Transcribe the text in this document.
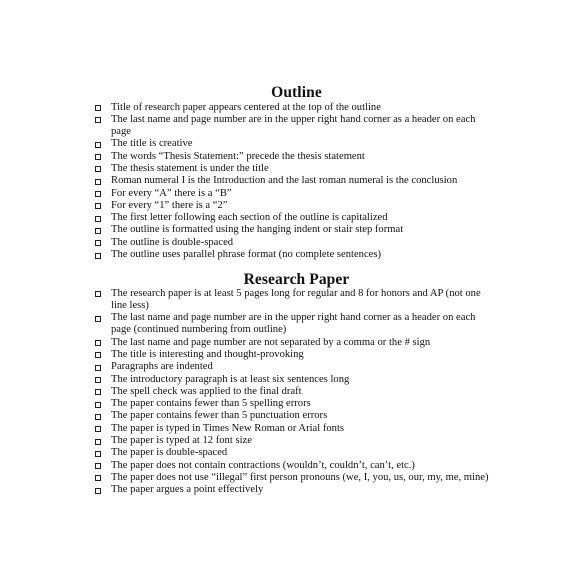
Outline
Title of research paper appears centered at the top of the outline
The last name and page number are in the upper right hand corner as a header on each page
The title is creative
The words “Thesis Statement:” precede the thesis statement
The thesis statement is under the title
Roman numeral I is the Introduction and the last roman numeral is the conclusion
For every “A” there is a “B”
For every “1” there is a “2”
The first letter following each section of the outline is capitalized
The outline is formatted using the hanging indent or stair step format
The outline is double-spaced
The outline uses parallel phrase format (no complete sentences)
Research Paper
The research paper is at least 5 pages long for regular and 8 for honors and AP (not one line less)
The last name and page number are in the upper right hand corner as a header on each page (continued numbering from outline)
The last name and page number are not separated by a comma or the # sign
The title is interesting and thought-provoking
Paragraphs are indented
The introductory paragraph is at least six sentences long
The spell check was applied to the final draft
The paper contains fewer than 5 spelling errors
The paper contains fewer than 5 punctuation errors
The paper is typed in Times New Roman or Arial fonts
The paper is typed at 12 font size
The paper is double-spaced
The paper does not contain contractions (wouldn’t, couldn’t, can’t, etc.)
The paper does not use “illegal” first person pronouns (we, I, you, us, our, my, me, mine)
The paper argues a point effectively
